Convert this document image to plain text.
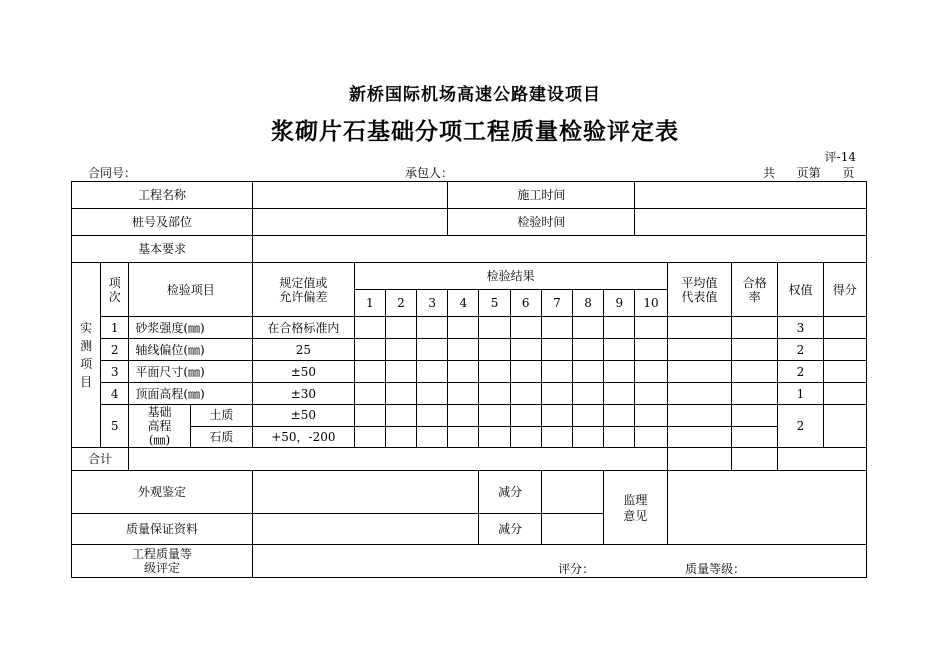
新桥国际机场高速公路建设项目
浆砌片石基础分项工程质量检验评定表
评-14
合同号：	承包人：	共 页第 页
工程名称								施工时间										
桩号及部位								检验时间										
基本要求																		
实测项目	项次	检验项目		规定值或允许偏差	检验结果										平均值代表值	合格率	权值	得分
					1	2	3	4	5	6	7	8	9	10				
	1	砂浆强度(㎜)		在合格标准内													3	
	2	轴线偏位(㎜)		25													2	
	3	平面尺寸(㎜)		±50													2	
	4	顶面高程(㎜)		±30													1	
	5	基础高程(㎜)	土质	±50													2	
			石质	+50，-200														
合计																		
外观鉴定									减分				监理意见					
质量保证资料									减分									
工程质量等级评定				评分： 质量等级：														
